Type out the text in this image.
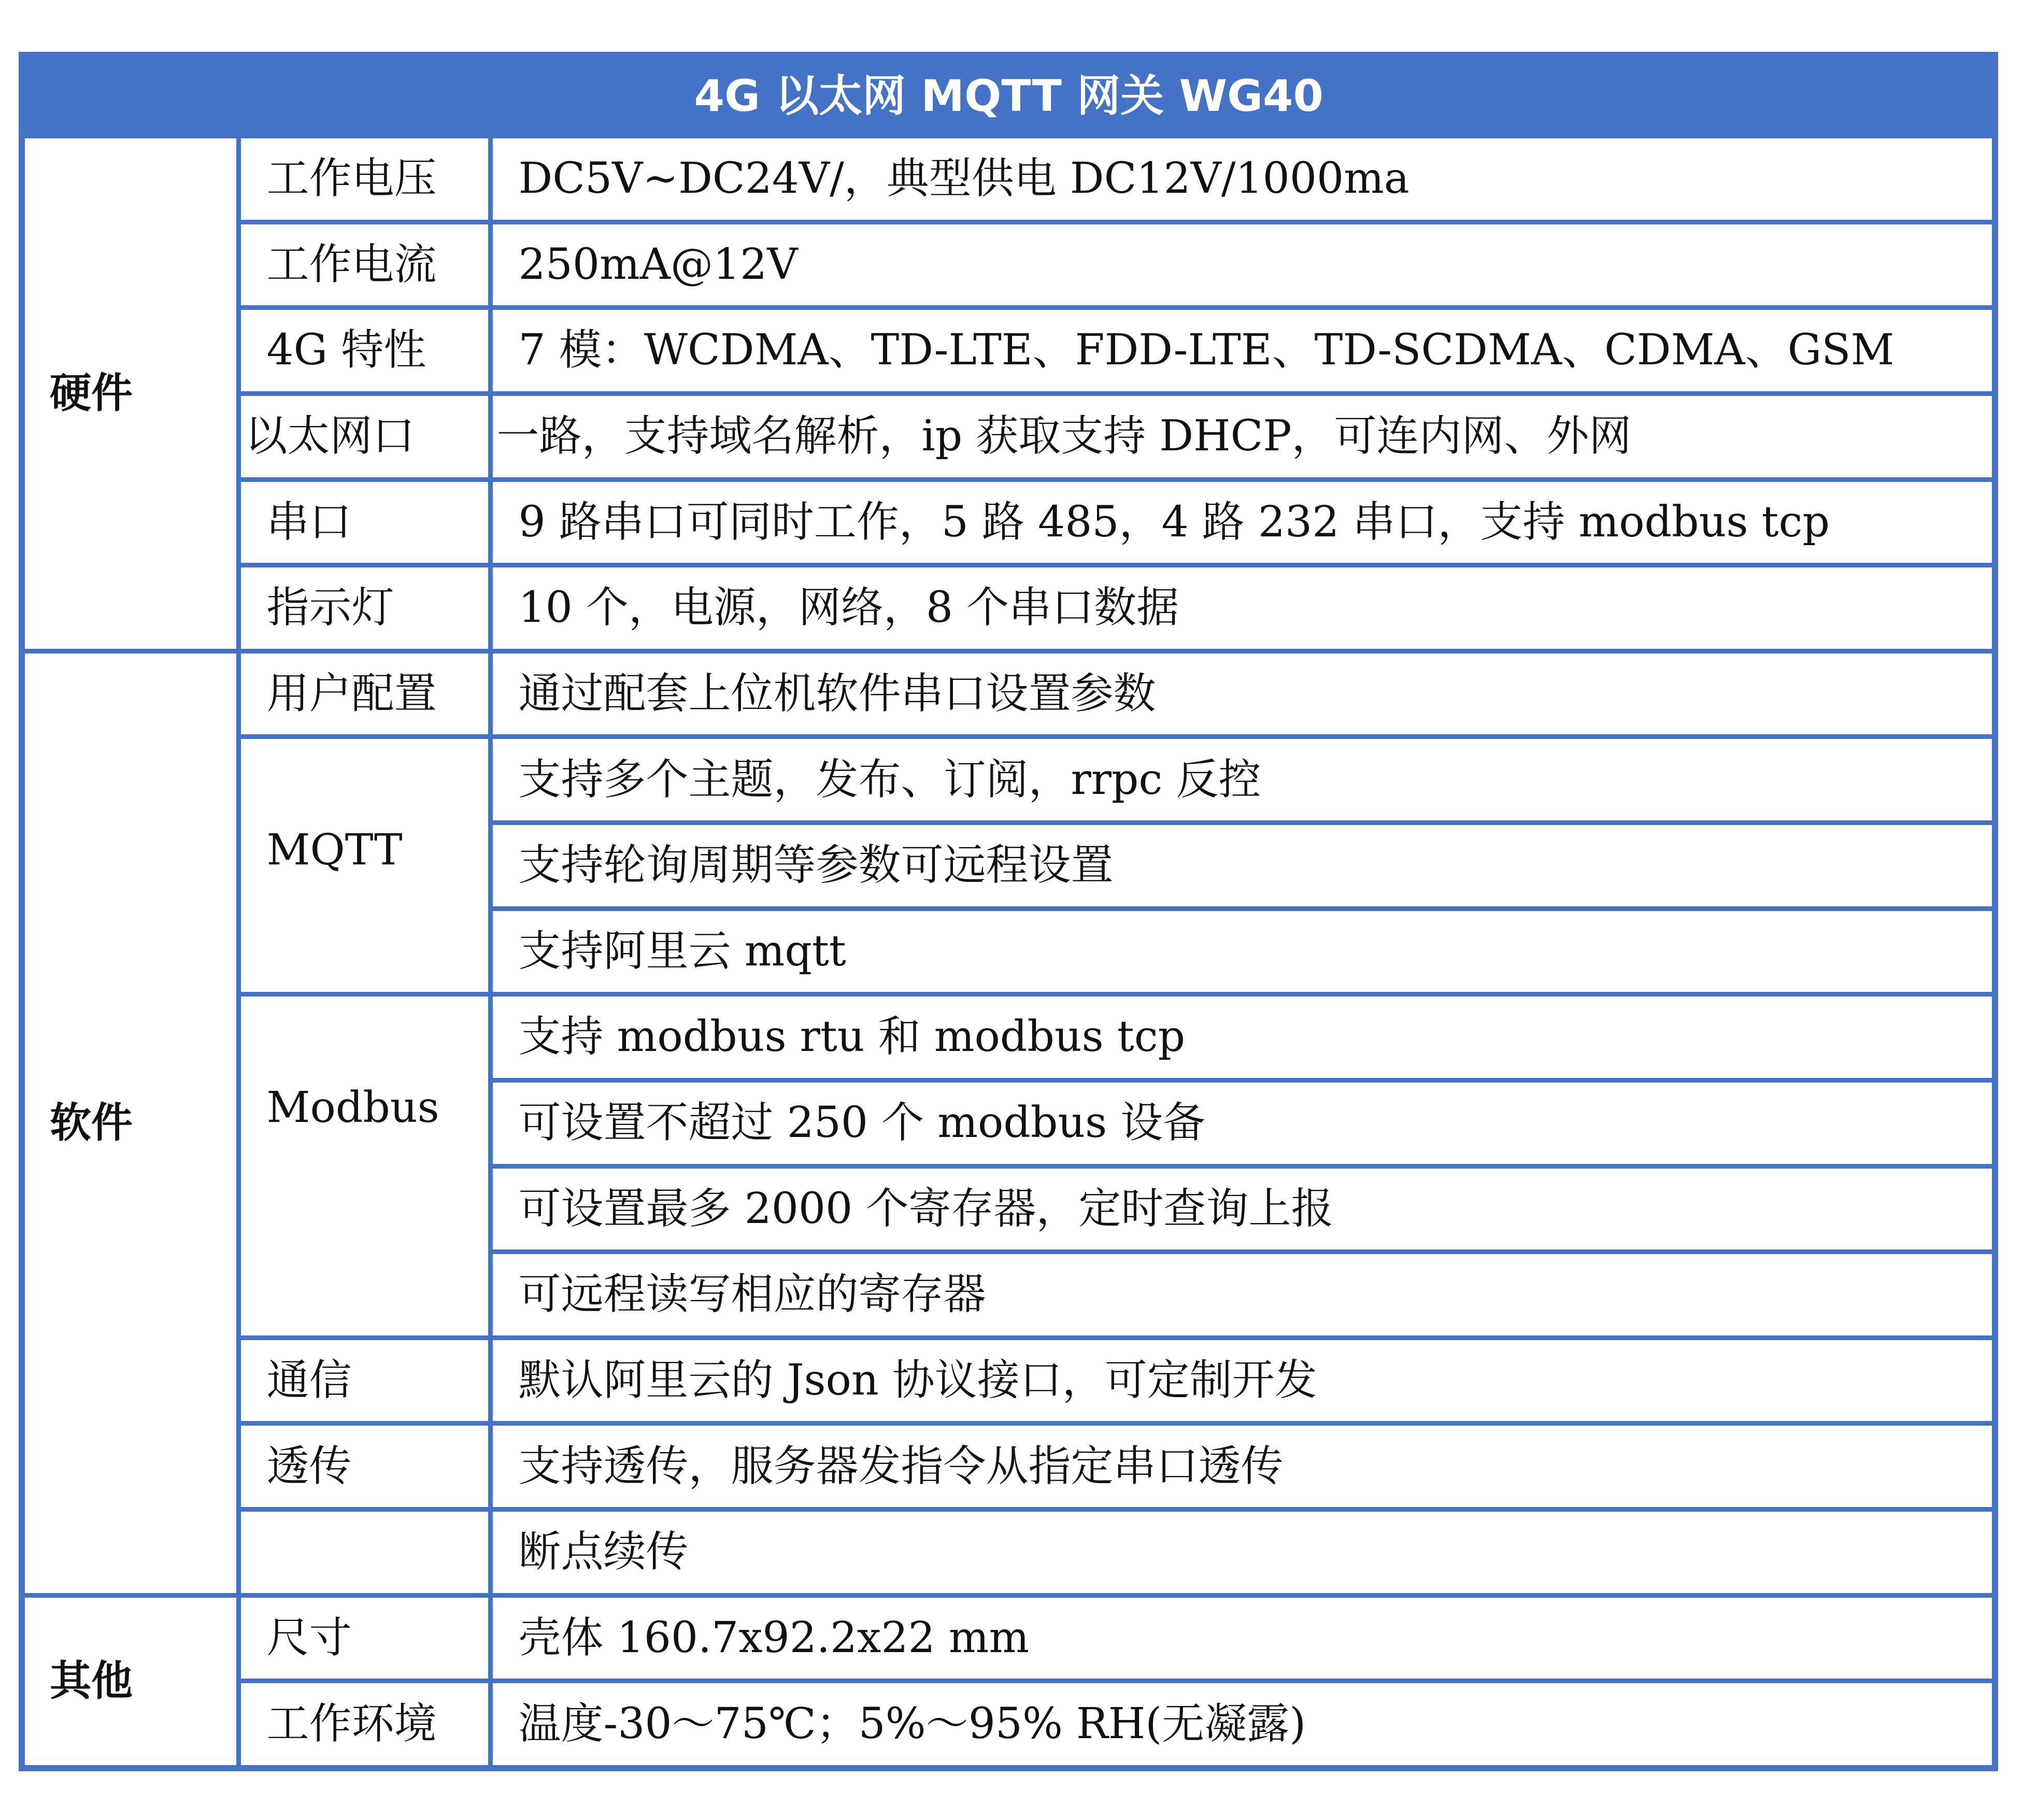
4G 以太网 MQTT 网关 WG40			
硬件	工作电压	DC5V~DC24V/，典型供电 DC12V/1000ma	
	工作电流	250mA@12V	
	4G 特性	7 模：WCDMA、TD-LTE、FDD-LTE、TD-SCDMA、CDMA、GSM	
	以太网口	一路，支持域名解析，ip 获取支持 DHCP，可连内网、外网	
	串口	9 路串口可同时工作，5 路 485，4 路 232 串口，支持 modbus tcp	
	指示灯	10 个，电源，网络，8 个串口数据	
软件	用户配置	通过配套上位机软件串口设置参数	
	MQTT	支持多个主题，发布、订阅，rrpc 反控	
		支持轮询周期等参数可远程设置	
		支持阿里云 mqtt	
	Modbus	支持 modbus rtu 和 modbus tcp	
		可设置不超过 250 个 modbus 设备	
		可设置最多 2000 个寄存器，定时查询上报	
		可远程读写相应的寄存器	
	通信	默认阿里云的 Json 协议接口，可定制开发	
	透传	支持透传，服务器发指令从指定串口透传	
		断点续传	
其他	尺寸	壳体 160.7x92.2x22 mm	
	工作环境	温度-30～75℃；5%～95% RH(无凝露)	
